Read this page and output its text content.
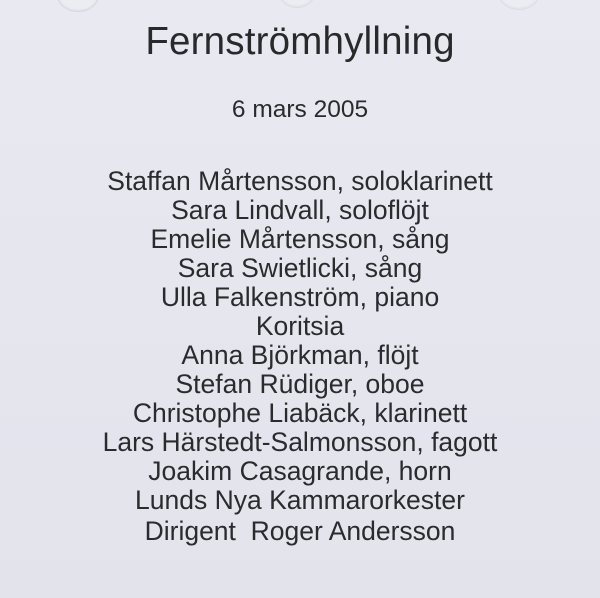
Fernströmhyllning
6 mars 2005
Staffan Mårtensson, soloklarinett
Sara Lindvall, soloflöjt
Emelie Mårtensson, sång
Sara Swietlicki, sång
Ulla Falkenström, piano
Koritsia
Anna Björkman, flöjt
Stefan Rüdiger, oboe
Christophe Liabäck, klarinett
Lars Härstedt-Salmonsson, fagott
Joakim Casagrande, horn
Lunds Nya Kammarorkester
Dirigent  Roger Andersson
